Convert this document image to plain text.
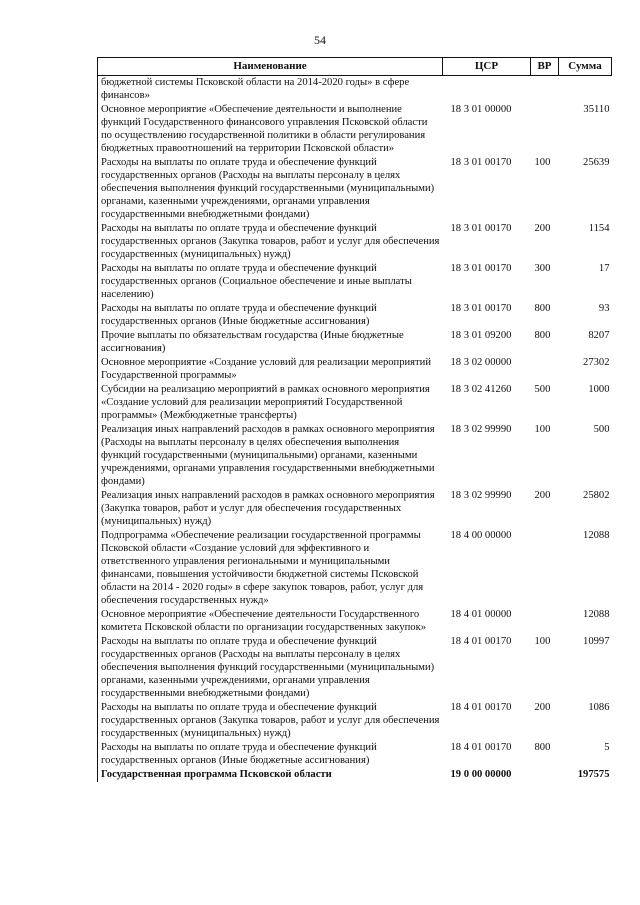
54
Наименование	ЦСР	ВР	Сумма
бюджетной системы Псковской области на 2014-2020 годы» в сфере финансов»			
Основное мероприятие «Обеспечение деятельности и выполнение функций Государственного финансового управления Псковской области по осуществлению государственной политики в области регулирования бюджетных правоотношений на территории Псковской области»	18 3 01 00000		35110
Расходы на выплаты по оплате труда и обеспечение функций государственных органов (Расходы на выплаты персоналу в целях обеспечения выполнения функций государственными (муниципальными) органами, казенными учреждениями, органами управления государственными внебюджетными фондами)	18 3 01 00170	100	25639
Расходы на выплаты по оплате труда и обеспечение функций государственных органов (Закупка товаров, работ и услуг для обеспечения государственных (муниципальных) нужд)	18 3 01 00170	200	1154
Расходы на выплаты по оплате труда и обеспечение функций государственных органов (Социальное обеспечение и иные выплаты населению)	18 3 01 00170	300	17
Расходы на выплаты по оплате труда и обеспечение функций государственных органов (Иные бюджетные ассигнования)	18 3 01 00170	800	93
Прочие выплаты по обязательствам государства (Иные бюджетные ассигнования)	18 3 01 09200	800	8207
Основное мероприятие «Создание условий для реализации мероприятий Государственной программы»	18 3 02 00000		27302
Субсидии на реализацию мероприятий в рамках основного мероприятия «Создание условий для реализации мероприятий Государственной программы» (Межбюджетные трансферты)	18 3 02 41260	500	1000
Реализация иных направлений расходов в рамках основного мероприятия (Расходы на выплаты персоналу в целях обеспечения выполнения функций государственными (муниципальными) органами, казенными учреждениями, органами управления государственными внебюджетными фондами)	18 3 02 99990	100	500
Реализация иных направлений расходов в рамках основного мероприятия (Закупка товаров, работ и услуг для обеспечения государственных (муниципальных) нужд)	18 3 02 99990	200	25802
Подпрограмма «Обеспечение реализации государственной программы Псковской области «Создание условий для эффективного и ответственного управления региональными и муниципальными финансами, повышения устойчивости бюджетной системы Псковской области на 2014 - 2020 годы» в сфере закупок товаров, работ, услуг для обеспечения государственных нужд»	18 4 00 00000		12088
Основное мероприятие «Обеспечение деятельности Государственного комитета Псковской области по организации государственных закупок»	18 4 01 00000		12088
Расходы на выплаты по оплате труда и обеспечение функций государственных органов (Расходы на выплаты персоналу в целях обеспечения выполнения функций государственными (муниципальными) органами, казенными учреждениями, органами управления государственными внебюджетными фондами)	18 4 01 00170	100	10997
Расходы на выплаты по оплате труда и обеспечение функций государственных органов (Закупка товаров, работ и услуг для обеспечения государственных (муниципальных) нужд)	18 4 01 00170	200	1086
Расходы на выплаты по оплате труда и обеспечение функций государственных органов (Иные бюджетные ассигнования)	18 4 01 00170	800	5
Государственная программа Псковской области	19 0 00 00000		197575
